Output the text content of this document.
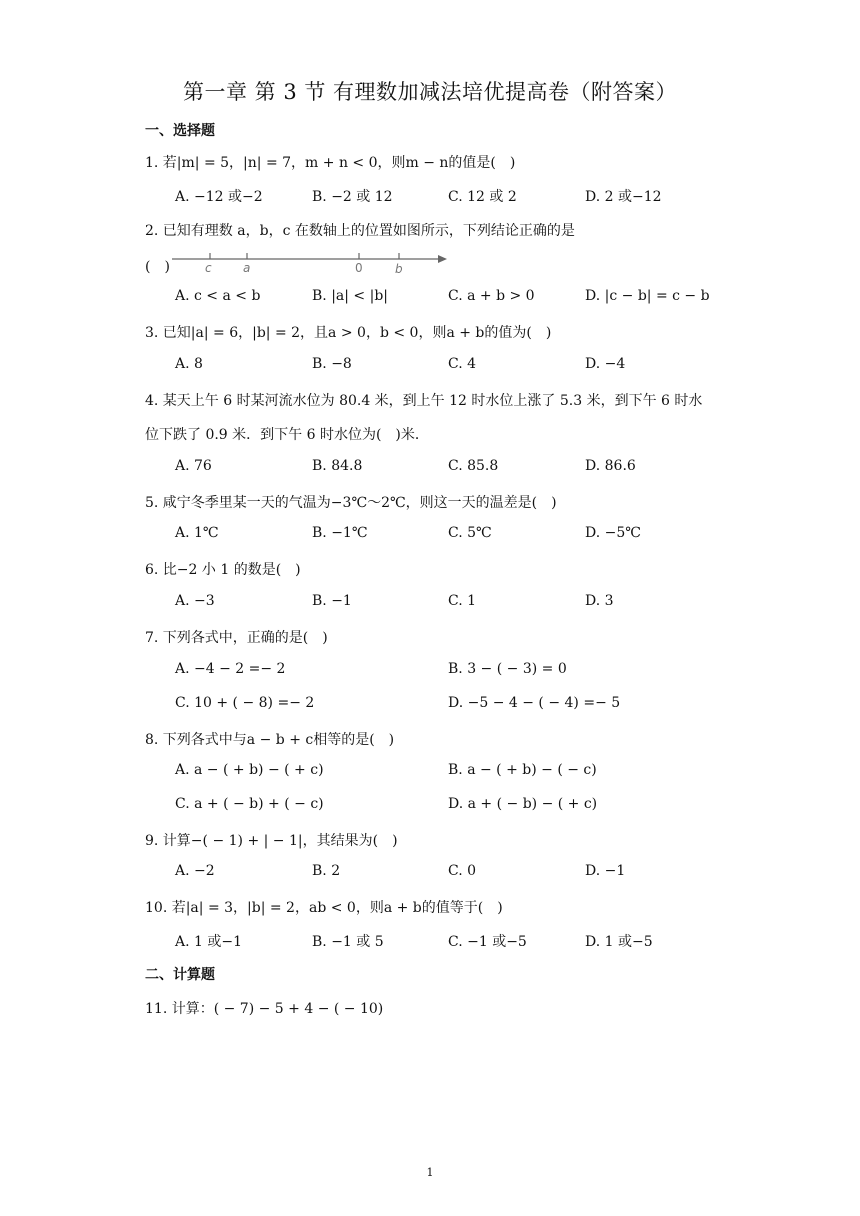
第一章 第 3 节 有理数加减法培优提高卷（附答案）
一、选择题
1. 若|m| = 5，|n| = 7，m + n < 0，则m − n的值是(　)
A. −12 或−2	B. −2 或 12	C. 12 或 2	D. 2 或−12
2. 已知有理数 a，b，c 在数轴上的位置如图所示，下列结论正确的是
(　)	c	a	0	b
A. c < a < b	B. |a| < |b|	C. a + b > 0	D. |c − b| = c − b
3. 已知|a| = 6，|b| = 2，且a > 0，b < 0，则a + b的值为(　)
A. 8	B. −8	C. 4	D. −4
4. 某天上午 6 时某河流水位为 80.4 米，到上午 12 时水位上涨了 5.3 米，到下午 6 时水
位下跌了 0.9 米．到下午 6 时水位为(　)米．
A. 76	B. 84.8	C. 85.8	D. 86.6
5. 咸宁冬季里某一天的气温为−3℃～2℃，则这一天的温差是(　)
A. 1℃	B. −1℃	C. 5℃	D. −5℃
6. 比−2 小 1 的数是(　)
A. −3	B. −1	C. 1	D. 3
7. 下列各式中，正确的是(　)
A. −4 − 2 =− 2	B. 3 − ( − 3) = 0
C. 10 + ( − 8) =− 2	D. −5 − 4 − ( − 4) =− 5
8. 下列各式中与a − b + c相等的是(　)
A. a − ( + b) − ( + c)	B. a − ( + b) − ( − c)
C. a + ( − b) + ( − c)	D. a + ( − b) − ( + c)
9. 计算−( − 1) + | − 1|，其结果为(　)
A. −2	B. 2	C. 0	D. −1
10. 若|a| = 3，|b| = 2，ab < 0，则a + b的值等于(　)
A. 1 或−1	B. −1 或 5	C. −1 或−5	D. 1 或−5
二、计算题
11. 计算：( − 7) − 5 + 4 − ( − 10)
1
